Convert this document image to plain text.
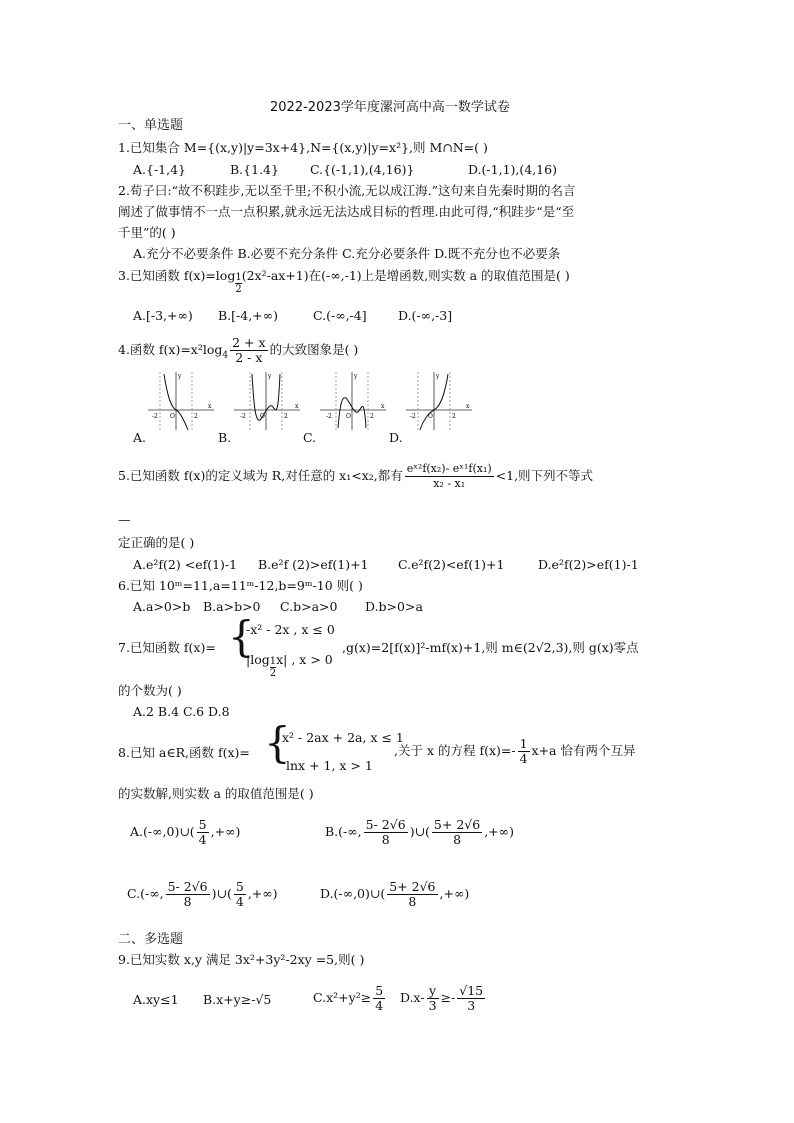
2022-2023学年度漯河高中高一数学试卷
一、单选题
1.已知集合 M={(x,y)|y=3x+4},N={(x,y)|y=x²},则 M∩N=( )
A.{-1,4}	B.{1.4} C.{(-1,1),(4,16)}	D.(-1,1),(4,16)
2.荀子曰:“故不积跬步,无以至千里;不积小流,无以成江海.”这句来自先秦时期的名言
阐述了做事情不一点一点积累,就永远无法达成目标的哲理.由此可得,“积跬步“是“至
千里”的( )
A.充分不必要条件 B.必要不充分条件 C.充分必要条件 D.既不充分也不必要条
3.已知函数 $f(x)=\log \frac{1}{2} (2x^2-ax+1)$在(-∞,-1)上是增函数,则实数 a 的取值范围是( )
A.[-3,+∞) B.[-4,+∞)	C.(-∞,-4]	D.(-∞,-3]
4.函数 $f(x)=x^2\log_4 \frac{2 + x}{2 - x}$ 的大致图象是( )
-2 O	2
x
y
-2 O	2
x
y
-2 O	2
x
y
-2 O	2
x
y
A.	B.	C.	D.
5.已知函数 f(x)的定义域为 R,对任意的 x₁<x₂,都有 $\frac{\text{eˣ²f(x₂)- eˣ¹f(x₁)}}{\text{x₂ - x₁}} <1$,则下列不等式
—
定正确的是( )
A.e²f(2) <ef(1)-1 B.e²f (2)>ef(1)+1 C.e²f(2)<ef(1)+1	D.e²f(2)>ef(1)-1
6.已知 10ᵐ=11,a=11ᵐ-12,b=9ᵐ-10 则( )
A.a>0>b B.a>b>0 C.b>a>0 D.b>0>a
7.已知函数 f(x)= {
-x² - 2x , x ≤ 0
$|\log \frac{1}{2} x|$ , x > 0
,g(x)=2[f(x)]²-mf(x)+1,则 m∈(2√2,3),则 g(x)零点
的个数为( )
A.2 B.4 C.6 D.8
8.已知 a∈R,函数 f(x)= {
x² - 2ax + 2a, x ≤ 1
lnx + 1, x > 1
,关于 x 的方程 $f(x)=- \frac{1}{4} x+a$ 恰有两个互异
的实数解,则实数 a 的取值范围是( )
A.(-∞,0)∪( $\frac{5}{4}$ ,+∞)	B.(-∞, $\frac{5- 2√6}{8}$ )∪( $\frac{5+ 2√6}{8}$ ,+∞)
C.(-∞, $\frac{5- 2√6}{8}$ )∪( $\frac{5}{4}$ ,+∞)	D.(-∞,0)∪( $\frac{5+ 2√6}{8}$ ,+∞)
二、多选题
9.已知实数 x,y 满足 3x²+3y²-2xy =5,则( )
A.xy≤1 B.x+y≥-√5	$C.x^2+y^2\ge \frac{5}{4} D.x- \frac{y}{3} \ge- \frac{√15}{3}$
